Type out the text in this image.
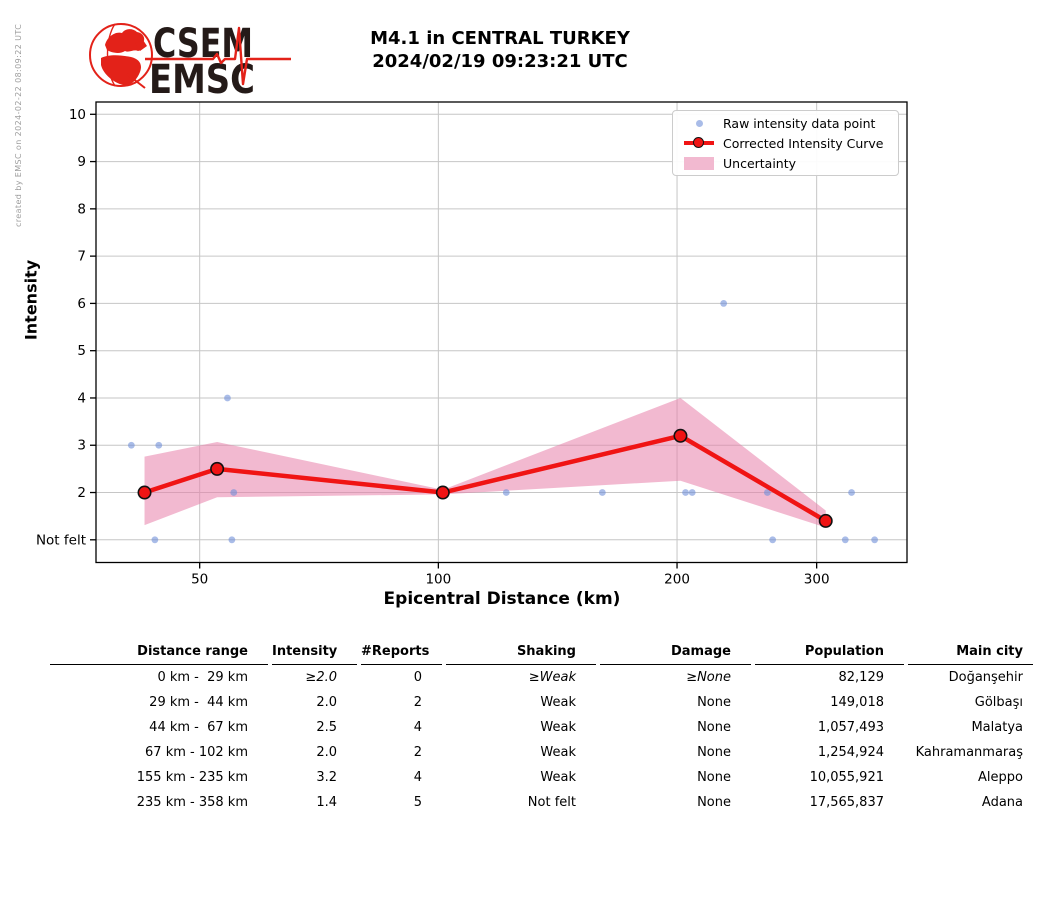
created by EMSC on 2024-02-22 08:09:22 UTC	CSEM
EMSC
M4.1 in CENTRAL TURKEY
2024/02/19 09:23:21 UTC
50	100	200	300
10
9
8
7
6
5
4
3
2
Not felt
Intensity
Epicentral Distance (km)
Raw intensity data point
Corrected Intensity Curve
Uncertainty
Distance range	Intensity	#Reports	Shaking	Damage	Population	Main city
0 km -  29 km	≥2.0	0	≥Weak	≥None	82,129	Doğanşehir
29 km -  44 km	2.0	2	Weak	None	149,018	Gölbaşı
44 km -  67 km	2.5	4	Weak	None	1,057,493	Malatya
67 km - 102 km	2.0	2	Weak	None	1,254,924	Kahramanmaraş
155 km - 235 km	3.2	4	Weak	None	10,055,921	Aleppo
235 km - 358 km	1.4	5	Not felt	None	17,565,837	Adana
